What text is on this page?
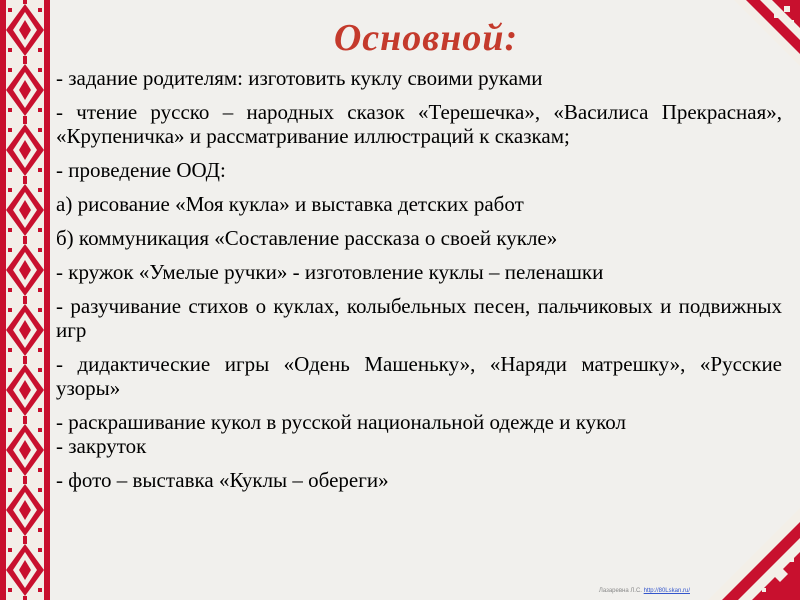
Основной:

- задание родителям: изготовить куклу своими руками

- чтение русско – народных сказок «Терешечка», «Василиса Прекрасная», «Крупеничка» и рассматривание иллюстраций к сказкам;

- проведение ООД:

а) рисование «Моя кукла» и выставка детских работ

б) коммуникация «Составление рассказа о своей кукле»

- кружок «Умелые ручки» - изготовление куклы – пеленашки

- разучивание стихов о куклах, колыбельных песен, пальчиковых и подвижных игр

- дидактические игры «Одень Машеньку», «Наряди матрешку», «Русские узоры»

- раскрашивание кукол в русской национальной одежде и кукол

- закруток

- фото – выставка «Куклы – обереги»

Лазаревна Л.С. http://80Lskan.ru/
